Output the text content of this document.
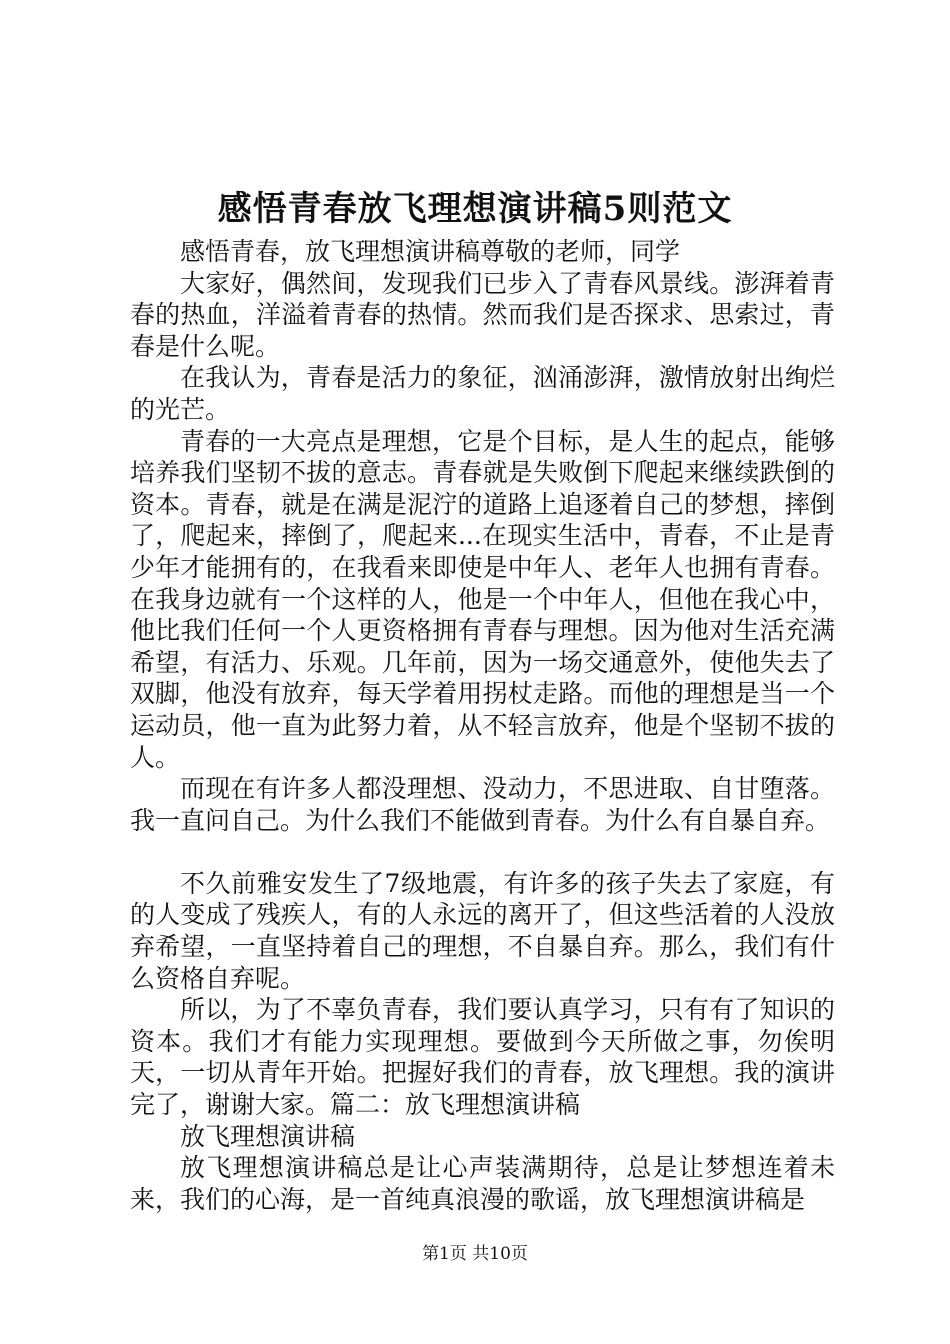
感悟青春放飞理想演讲稿5则范文

感悟青春，放飞理想演讲稿尊敬的老师，同学

大家好，偶然间，发现我们已步入了青春风景线。澎湃着青春的热血，洋溢着青春的热情。然而我们是否探求、思索过，青春是什么呢。

在我认为，青春是活力的象征，汹涌澎湃，激情放射出绚烂的光芒。

青春的一大亮点是理想，它是个目标，是人生的起点，能够培养我们坚韧不拔的意志。青春就是失败倒下爬起来继续跌倒的资本。青春，就是在满是泥泞的道路上追逐着自己的梦想，摔倒了，爬起来，摔倒了，爬起来...在现实生活中，青春，不止是青少年才能拥有的，在我看来即使是中年人、老年人也拥有青春。在我身边就有一个这样的人，他是一个中年人，但他在我心中，他比我们任何一个人更资格拥有青春与理想。因为他对生活充满希望，有活力、乐观。几年前，因为一场交通意外，使他失去了双脚，他没有放弃，每天学着用拐杖走路。而他的理想是当一个运动员，他一直为此努力着，从不轻言放弃，他是个坚韧不拔的人。

而现在有许多人都没理想、没动力，不思进取、自甘堕落。我一直问自己。为什么我们不能做到青春。为什么有自暴自弃。

不久前雅安发生了7级地震，有许多的孩子失去了家庭，有的人变成了残疾人，有的人永远的离开了，但这些活着的人没放弃希望，一直坚持着自己的理想，不自暴自弃。那么，我们有什么资格自弃呢。

所以，为了不辜负青春，我们要认真学习，只有有了知识的资本。我们才有能力实现理想。要做到今天所做之事，勿俟明天，一切从青年开始。把握好我们的青春，放飞理想。我的演讲完了，谢谢大家。篇二：放飞理想演讲稿

放飞理想演讲稿

放飞理想演讲稿总是让心声装满期待，总是让梦想连着未来，我们的心海，是一首纯真浪漫的歌谣，放飞理想演讲稿是

第1页 共10页
